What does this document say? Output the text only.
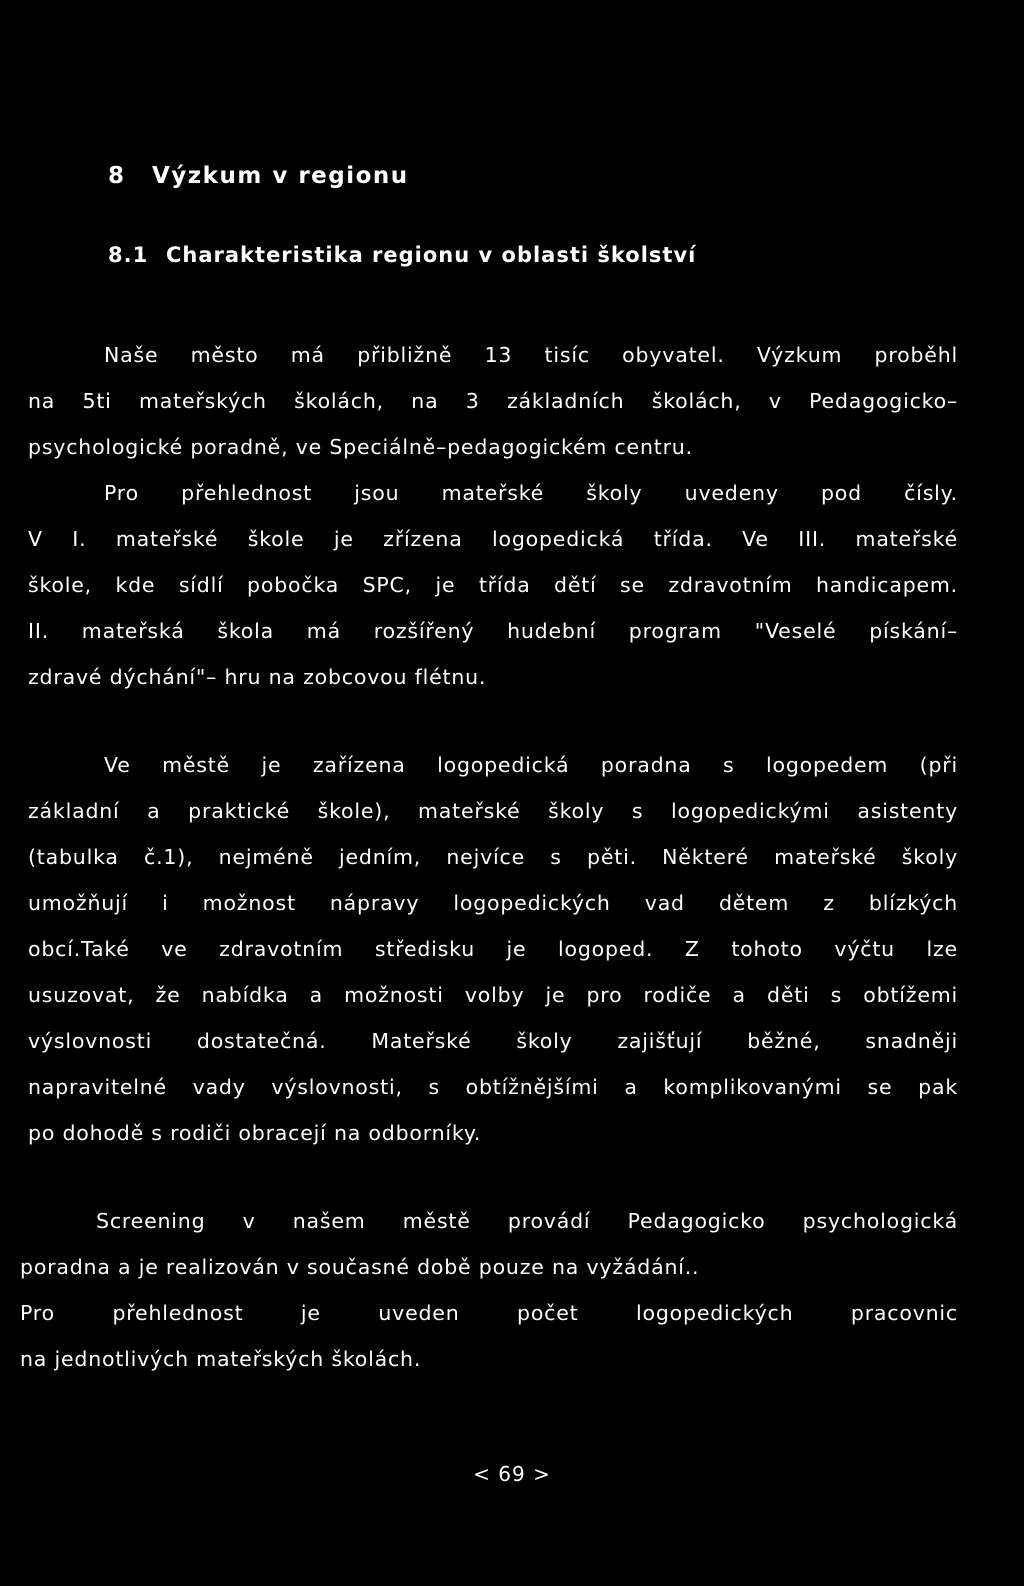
8 Výzkum v regionu
8.1 Charakteristika regionu v oblasti školství
Naše město má přibližně 13 tisíc obyvatel. Výzkum proběhl
na 5ti mateřských školách, na 3 základních školách, v Pedagogicko–
psychologické poradně, ve Speciálně–pedagogickém centru.
Pro přehlednost jsou mateřské školy uvedeny pod čísly.
V I. mateřské škole je zřízena logopedická třída. Ve III. mateřské
škole, kde sídlí pobočka SPC, je třída dětí se zdravotním handicapem.
II. mateřská škola má rozšířený hudební program "Veselé pískání–
zdravé dýchání"– hru na zobcovou flétnu.
Ve městě je zařízena logopedická poradna s logopedem (při
základní a praktické škole), mateřské školy s logopedickými asistenty
(tabulka č.1), nejméně jedním, nejvíce s pěti. Některé mateřské školy
umožňují i možnost nápravy logopedických vad dětem z blízkých
obcí.Také ve zdravotním středisku je logoped. Z tohoto výčtu lze
usuzovat, že nabídka a možnosti volby je pro rodiče a děti s obtížemi
výslovnosti dostatečná. Mateřské školy zajišťují běžné, snadněji
napravitelné vady výslovnosti, s obtížnějšími a komplikovanými se pak
po dohodě s rodiči obracejí na odborníky.
Screening v našem městě provádí Pedagogicko psychologická
poradna a je realizován v současné době pouze na vyžádání..
Pro přehlednost je uveden počet logopedických pracovnic
na jednotlivých mateřských školách.
< 69 >
